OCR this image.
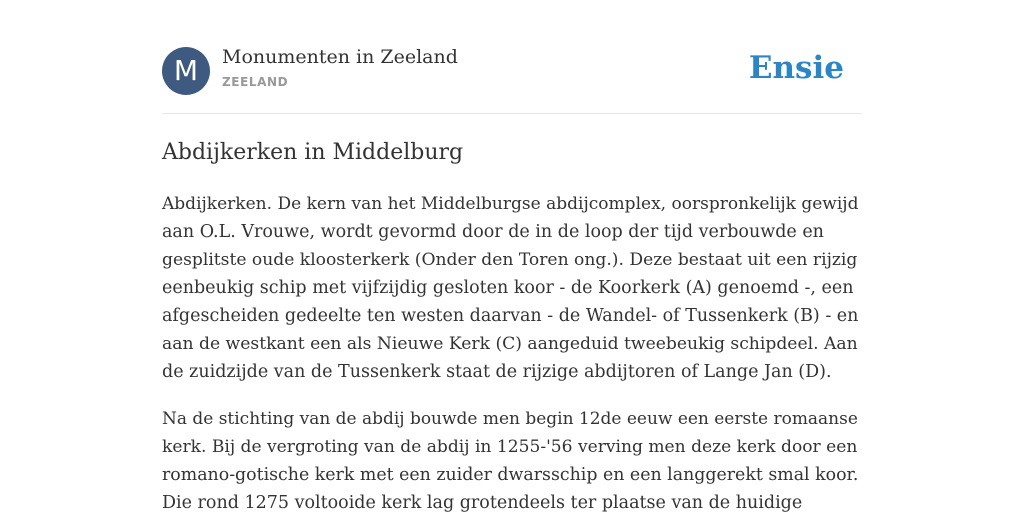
M	Monumenten in Zeeland
ZEELAND	Ensie
Abdijkerken in Middelburg

Abdijkerken. De kern van het Middelburgse abdijcomplex, oorspronkelijk gewijd
aan O.L. Vrouwe, wordt gevormd door de in de loop der tijd verbouwde en
gesplitste oude kloosterkerk (Onder den Toren ong.). Deze bestaat uit een rijzig
eenbeukig schip met vijfzijdig gesloten koor - de Koorkerk (A) genoemd -, een
afgescheiden gedeelte ten westen daarvan - de Wandel- of Tussenkerk (B) - en
aan de westkant een als Nieuwe Kerk (C) aangeduid tweebeukig schipdeel. Aan
de zuidzijde van de Tussenkerk staat de rijzige abdijtoren of Lange Jan (D).

Na de stichting van de abdij bouwde men begin 12de eeuw een eerste romaanse
kerk. Bij de vergroting van de abdij in 1255-'56 verving men deze kerk door een
romano-gotische kerk met een zuider dwarsschip en een langgerekt smal koor.
Die rond 1275 voltooide kerk lag grotendeels ter plaatse van de huidige
